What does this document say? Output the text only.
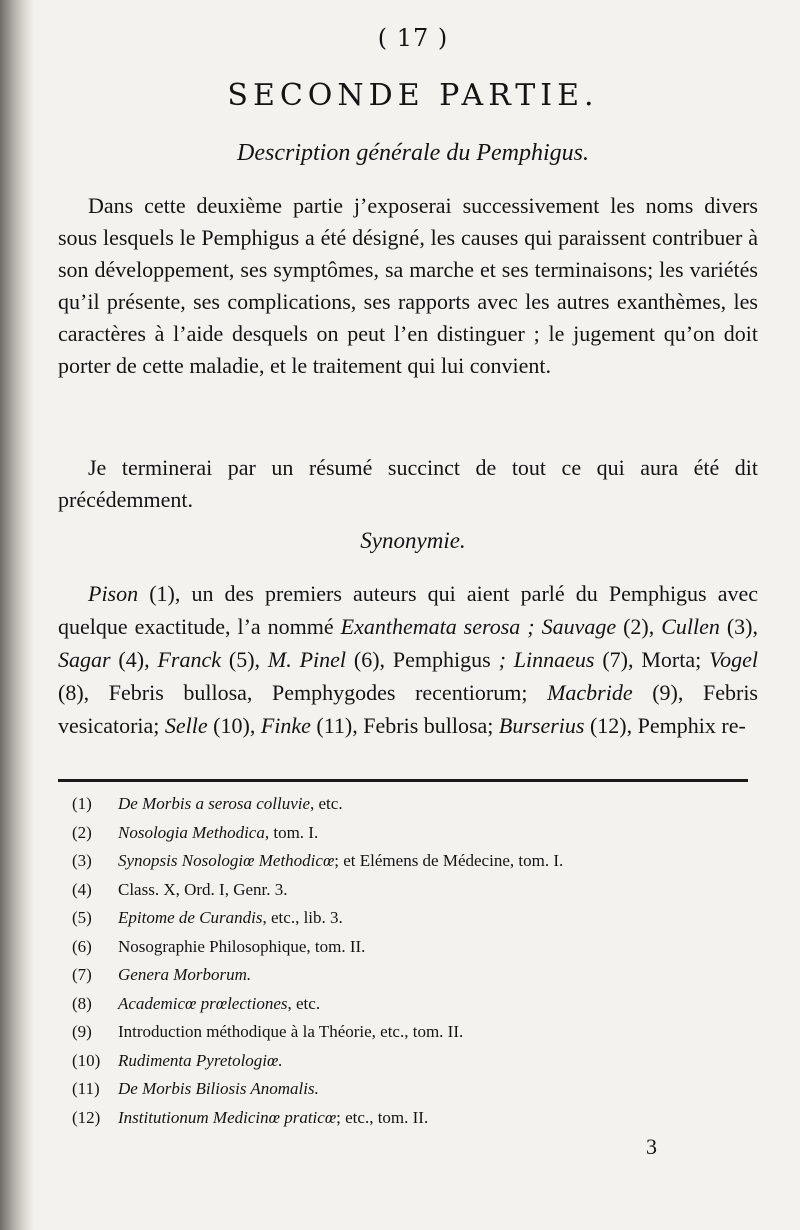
( 17 )
SECONDE PARTIE.
Description générale du Pemphigus.

Dans cette deuxième partie j’exposerai successivement les noms divers sous lesquels le Pemphigus a été désigné, les causes qui paraissent contribuer à son développement, ses symptômes, sa marche et ses terminaisons; les variétés qu’il présente, ses complications, ses rapports avec les autres exanthèmes, les caractères à l’aide desquels on peut l’en distinguer ; le jugement qu’on doit porter de cette maladie, et le traitement qui lui convient.

Je terminerai par un résumé succinct de tout ce qui aura été dit précédemment.

Synonymie.

Pison (1), un des premiers auteurs qui aient parlé du Pemphigus avec quelque exactitude, l’a nommé Exanthemata serosa ; Sauvage (2), Cullen (3), Sagar (4), Franck (5), M. Pinel (6), Pemphigus ; Linnaeus (7), Morta; Vogel (8), Febris bullosa, Pemphygodes recentiorum; Macbride (9), Febris vesicatoria; Selle (10), Finke (11), Febris bullosa; Burserius (12), Pemphix re-

(1) De Morbis a serosa colluvie, etc.
(2) Nosologia Methodica, tom. I.
(3) Synopsis Nosologiœ Methodicœ; et Elémens de Médecine, tom. I.
(4) Class. X, Ord. I, Genr. 3.
(5) Epitome de Curandis, etc., lib. 3.
(6) Nosographie Philosophique, tom. II.
(7) Genera Morborum.
(8) Academicœ prœlectiones, etc.
(9) Introduction méthodique à la Théorie, etc., tom. II.
(10) Rudimenta Pyretologiœ.
(11) De Morbis Biliosis Anomalis.
(12) Institutionum Medicinœ praticœ; etc., tom. II.
3
